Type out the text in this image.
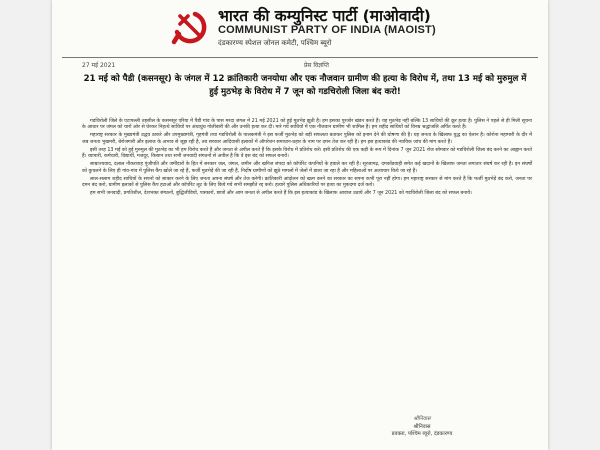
भारत की कम्युनिस्ट पार्टी (माओवादी)
COMMUNIST PARTY OF INDIA (MAOIST)
दंडकारण्य स्पेशल जोनल कमेटी, पश्चिम ब्यूरो
27 मई 2021	प्रेस विज्ञप्ति
21 मई को पैडी (कसनसूर) के जंगल में 12 क्रांतिकारी जनयोधा और एक नौजवान ग्रामीण की हत्या के विरोध में, तथा 13 मई को मुरुमुल में हुई मुठभेड़ के विरोध में 7 जून को गडचिरोली जिला बंद करो!

गडचिरोली जिले के एटापल्ली तहसील के कसनसूर एरिया में पैडी गांव के पास मरदा जंगल में 21 मई 2021 को हुई मुठभेड़ झूठी है। हम इसका पुरजोर खंडन करते हैं। यह मुठभेड़ नहीं बल्कि 13 साथियों की क्रूर हत्या है। पुलिस ने पहले से ही मिली सूचना के आधार पर जंगल को चारों ओर से घेरकर निहत्थे साथियों पर अंधाधुंध गोलीबारी की और उनकी हत्या कर दी। मारे गये साथियों में एक नौजवान ग्रामीण भी शामिल है। हम शहीद साथियों को विनम्र श्रद्धांजलि अर्पित करते हैं।

महाराष्ट्र सरकार के मुख्यमंत्री उद्धव ठाकरे और उपमुख्यमंत्री, गृहमंत्री तथा गडचिरोली के पालकमंत्री ने इस फर्जी मुठभेड़ को बड़ी सफलता बताकर पुलिस को इनाम देने की घोषणा की है। यह जनता के खिलाफ युद्ध का ऐलान है। कोरोना महामारी के दौर में जब जनता भुखमरी, बेरोजगारी और इलाज के अभाव से जूझ रही है, तब सरकार आदिवासी इलाकों में ऑपरेशन समाधान-प्रहार के नाम पर दमन तेज कर रही है। हम इस हत्याकांड की न्यायिक जांच की मांग करते हैं।

इसी तरह 13 मई को हुई मुरुमुल की मुठभेड़ का भी हम विरोध करते हैं और जनता से अपील करते हैं कि इसके विरोध में प्रतिरोध करें। इसी प्रतिरोध की एक कड़ी के रूप में दिनांक 7 जून 2021 रोज सोमवार को गडचिरोली जिला बंद करने का आह्वान करते हैं। व्यापारी, कर्मचारी, विद्यार्थी, मजदूर, किसान तथा सभी जनवादी संगठनों से अपील है कि वे इस बंद को सफल बनायें।

साम्राज्यवाद, दलाल नौकरशाह पूंजीपति और जमींदारों के हित में सरकार जल, जंगल, जमीन और खनिज संपदा को कॉर्पोरेट कंपनियों के हवाले कर रही है। सूरजागढ़, दमकोंडवाही समेत कई खदानों के खिलाफ जनता लगातार संघर्ष कर रही है। इन संघर्षों को कुचलने के लिए ही गांव-गांव में पुलिस कैंप खोले जा रहे हैं, फर्जी मुठभेड़ें की जा रही हैं, निर्दोष ग्रामीणों को झूठे मामलों में जेलों में डाला जा रहा है और महिलाओं पर अत्याचार किये जा रहे हैं।

लाल-सलाम शहीद साथियों के सपनों को साकार करने के लिए जनता अपना संघर्ष और तेज करेगी। क्रांतिकारी आंदोलन को खत्म करने का सरकार का सपना कभी पूरा नहीं होगा। हम महाराष्ट्र सरकार से मांग करते हैं कि फर्जी मुठभेड़ें बंद करो, जनता पर दमन बंद करो, ग्रामीण इलाकों से पुलिस कैंप हटाओ और कॉर्पोरेट लूट के लिए किये गये सभी समझौते रद्द करो। हत्यारे पुलिस अधिकारियों पर हत्या का मुकदमा दर्ज करो।

हम सभी जनवादी, प्रगतिशील, देशभक्त संगठनों, बुद्धिजीवियों, पत्रकारों, छात्रों और आम जनता से अपील करते हैं कि इस हत्याकांड के खिलाफ आवाज उठायें और 7 जून 2021 को गडचिरोली जिला बंद को सफल बनायें।

श्रीनिवास
श्रीनिवास
प्रवक्ता, पश्चिम ब्यूरो, दंडकारण्य
